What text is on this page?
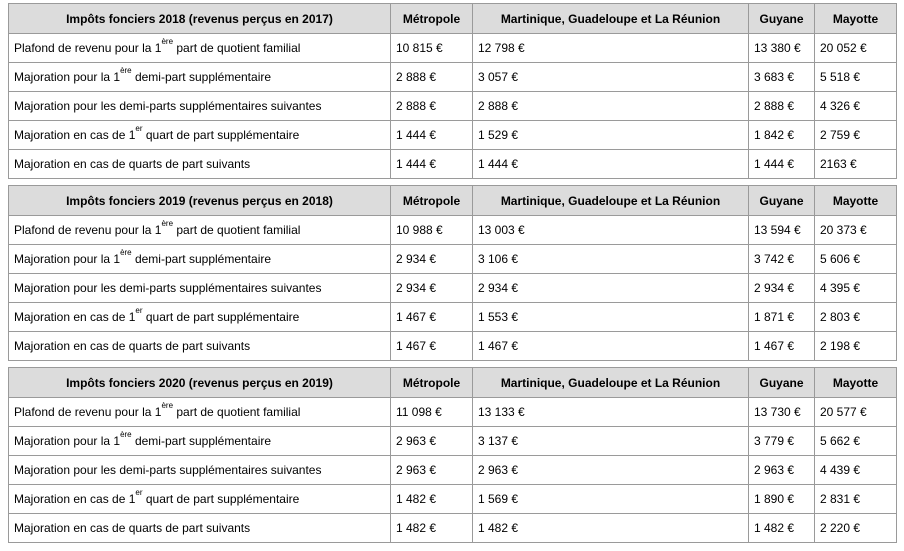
Impôts fonciers 2018 (revenus perçus en 2017)	Métropole	Martinique, Guadeloupe et La Réunion	Guyane	Mayotte
Plafond de revenu pour la 1ère part de quotient familial	10 815 €	12 798 €	13 380 €	20 052 €
Majoration pour la 1ère demi-part supplémentaire	2 888 €	3 057 €	3 683 €	5 518 €
Majoration pour les demi-parts supplémentaires suivantes	2 888 €	2 888 €	2 888 €	4 326 €
Majoration en cas de 1er quart de part supplémentaire	1 444 €	1 529 €	1 842 €	2 759 €
Majoration en cas de quarts de part suivants	1 444 €	1 444 €	1 444 €	2163 €
Impôts fonciers 2019 (revenus perçus en 2018)	Métropole	Martinique, Guadeloupe et La Réunion	Guyane	Mayotte
Plafond de revenu pour la 1ère part de quotient familial	10 988 €	13 003 €	13 594 €	20 373 €
Majoration pour la 1ère demi-part supplémentaire	2 934 €	3 106 €	3 742 €	5 606 €
Majoration pour les demi-parts supplémentaires suivantes	2 934 €	2 934 €	2 934 €	4 395 €
Majoration en cas de 1er quart de part supplémentaire	1 467 €	1 553 €	1 871 €	2 803 €
Majoration en cas de quarts de part suivants	1 467 €	1 467 €	1 467 €	2 198 €
Impôts fonciers 2020 (revenus perçus en 2019)	Métropole	Martinique, Guadeloupe et La Réunion	Guyane	Mayotte
Plafond de revenu pour la 1ère part de quotient familial	11 098 €	13 133 €	13 730 €	20 577 €
Majoration pour la 1ère demi-part supplémentaire	2 963 €	3 137 €	3 779 €	5 662 €
Majoration pour les demi-parts supplémentaires suivantes	2 963 €	2 963 €	2 963 €	4 439 €
Majoration en cas de 1er quart de part supplémentaire	1 482 €	1 569 €	1 890 €	2 831 €
Majoration en cas de quarts de part suivants	1 482 €	1 482 €	1 482 €	2 220 €
